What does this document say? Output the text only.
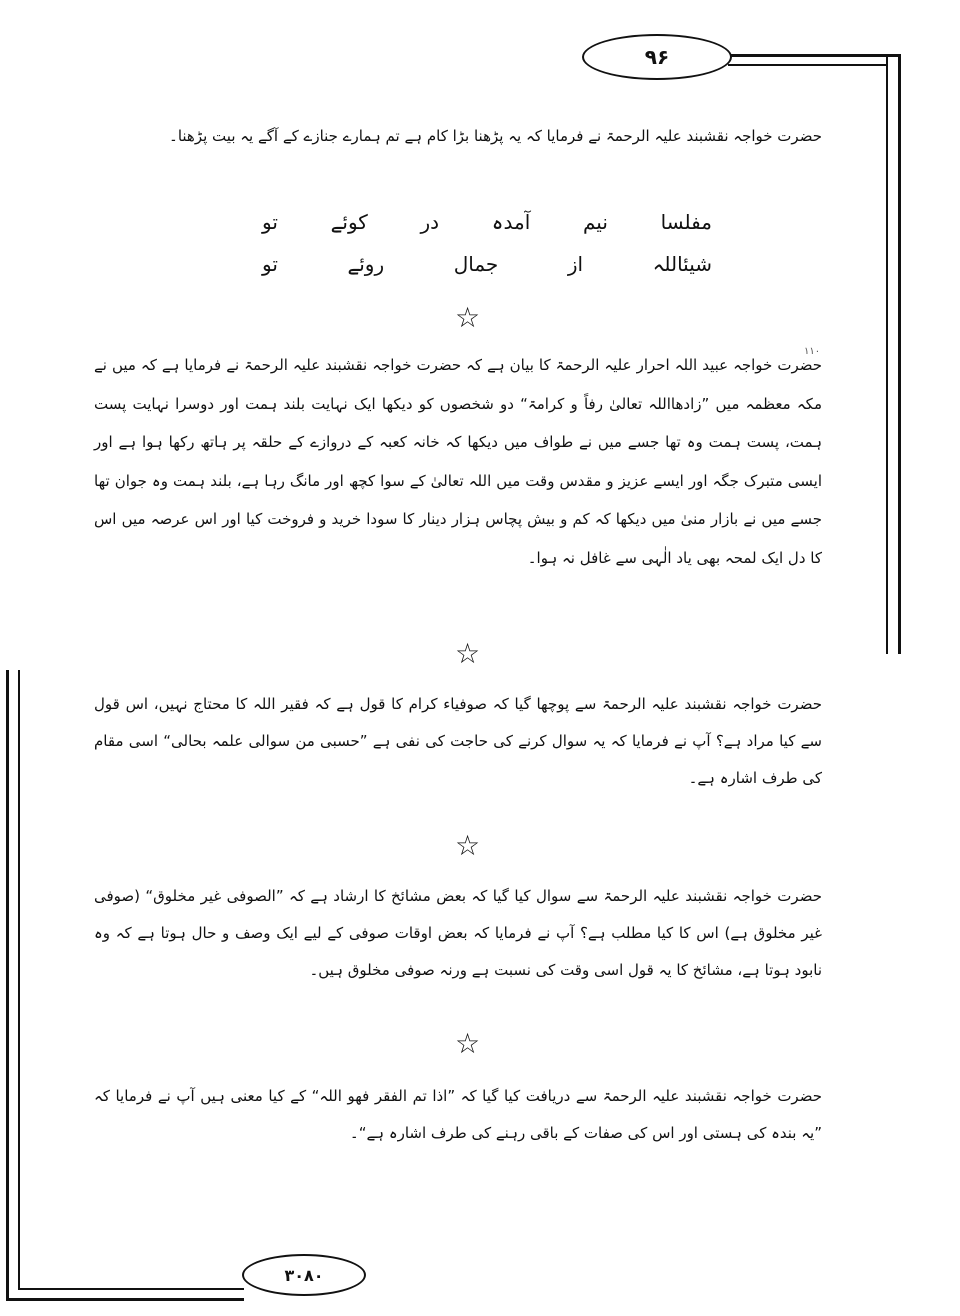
۹۶
حضرت خواجہ نقشبند علیہ الرحمۃ نے فرمایا کہ یہ پڑھنا بڑا کام ہے تم ہمارے جنازے کے آگے یہ بیت پڑھنا۔
مفلسا
نیم
آمدہ
در
کوئے
تو
شیئاللہ
از
جمال
روئے
تو
☆
۱۱۰
حضرت خواجہ عبید اللہ احرار علیہ الرحمۃ کا بیان ہے کہ حضرت خواجہ نقشبند علیہ الرحمۃ نے فرمایا ہے کہ میں نے مکہ معظمہ میں ”زادھااللہ تعالیٰ رفاً و کرامۃ“ دو شخصوں کو دیکھا ایک نہایت بلند ہمت اور دوسرا نہایت پست ہمت، پست ہمت وہ تھا جسے میں نے طواف میں دیکھا کہ خانہ کعبہ کے دروازے کے حلقہ پر ہاتھ رکھا ہوا ہے اور ایسی متبرک جگہ اور ایسے عزیز و مقدس وقت میں اللہ تعالیٰ کے سوا کچھ اور مانگ رہا ہے، بلند ہمت وہ جوان تھا جسے میں نے بازار منیٰ میں دیکھا کہ کم و بیش پچاس ہزار دینار کا سودا خرید و فروخت کیا اور اس عرصہ میں اس کا دل ایک لمحہ بھی یاد الٰہی سے غافل نہ ہوا۔
☆
حضرت خواجہ نقشبند علیہ الرحمۃ سے پوچھا گیا کہ صوفیاء کرام کا قول ہے کہ فقیر اللہ کا محتاج نہیں، اس قول سے کیا مراد ہے؟ آپ نے فرمایا کہ یہ سوال کرنے کی حاجت کی نفی ہے ”حسبی من سوالی علمہ بحالی“ اسی مقام کی طرف اشارہ ہے۔
☆
حضرت خواجہ نقشبند علیہ الرحمۃ سے سوال کیا گیا کہ بعض مشائخ کا ارشاد ہے کہ ”الصوفی غیر مخلوق“ (صوفی غیر مخلوق ہے) اس کا کیا مطلب ہے؟ آپ نے فرمایا کہ بعض اوقات صوفی کے لیے ایک وصف و حال ہوتا ہے کہ وہ نابود ہوتا ہے، مشائخ کا یہ قول اسی وقت کی نسبت ہے ورنہ صوفی مخلوق ہیں۔
☆
حضرت خواجہ نقشبند علیہ الرحمۃ سے دریافت کیا گیا کہ ”اذا تم الفقر فھو اللہ“ کے کیا معنی ہیں آپ نے فرمایا کہ ”یہ بندہ کی ہستی اور اس کی صفات کے باقی رہنے کی طرف اشارہ ہے“۔
۳۰۸۰
